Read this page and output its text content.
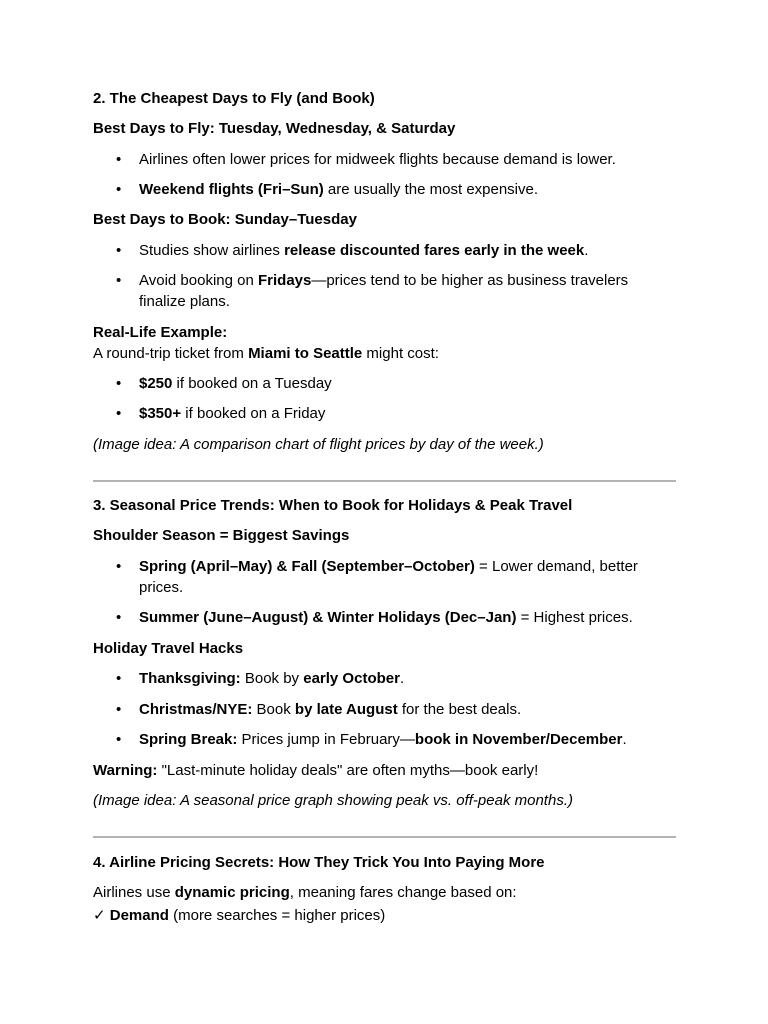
2. The Cheapest Days to Fly (and Book)

Best Days to Fly: Tuesday, Wednesday, & Saturday

• Airlines often lower prices for midweek flights because demand is lower.

• Weekend flights (Fri–Sun) are usually the most expensive.

Best Days to Book: Sunday–Tuesday

• Studies show airlines release discounted fares early in the week.

• Avoid booking on Fridays—prices tend to be higher as business travelers finalize plans.

Real-Life Example:

A round-trip ticket from Miami to Seattle might cost:

• $250 if booked on a Tuesday

• $350+ if booked on a Friday

(Image idea: A comparison chart of flight prices by day of the week.)

3. Seasonal Price Trends: When to Book for Holidays & Peak Travel

Shoulder Season = Biggest Savings

• Spring (April–May) & Fall (September–October) = Lower demand, better prices.

• Summer (June–August) & Winter Holidays (Dec–Jan) = Highest prices.

Holiday Travel Hacks

• Thanksgiving: Book by early October.

• Christmas/NYE: Book by late August for the best deals.

• Spring Break: Prices jump in February—book in November/December.

Warning: "Last-minute holiday deals" are often myths—book early!

(Image idea: A seasonal price graph showing peak vs. off-peak months.)

4. Airline Pricing Secrets: How They Trick You Into Paying More

Airlines use dynamic pricing, meaning fares change based on:

✓ Demand (more searches = higher prices)
